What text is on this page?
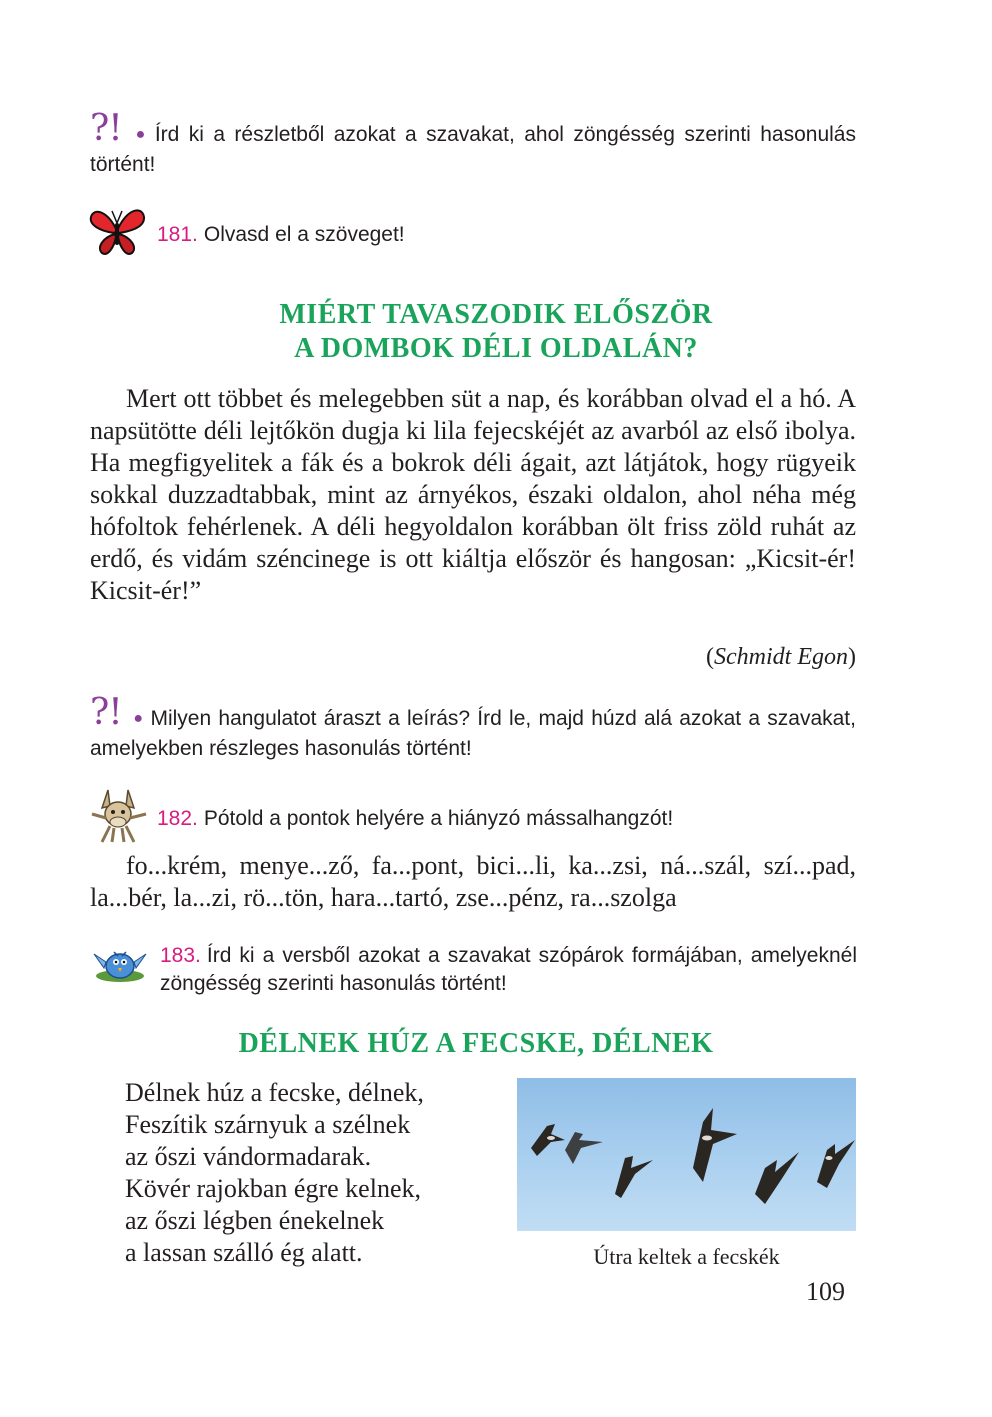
?! ● Írd ki a részletből azokat a szavakat, ahol zöngésség szerinti hasonulás történt!
181. Olvasd el a szöveget!
MIÉRT TAVASZODIK ELŐSZÖR
A DOMBOK DÉLI OLDALÁN?
Mert ott többet és melegebben süt a nap, és korábban olvad el a hó. A napsütötte déli lejtőkön dugja ki lila fejecskéjét az avarból az első ibolya. Ha megfigyelitek a fák és a bokrok déli ágait, azt látjátok, hogy rügyeik sokkal duzzadtabbak, mint az árnyékos, északi oldalon, ahol néha még hófoltok fehérlenek. A déli hegyoldalon korábban ölt friss zöld ruhát az erdő, és vidám széncinege is ott kiáltja először és hangosan: „Kicsit-ér! Kicsit-ér!”
(Schmidt Egon)
?! ● Milyen hangulatot áraszt a leírás? Írd le, majd húzd alá azokat a szavakat, amelyekben részleges hasonulás történt!
182. Pótold a pontok helyére a hiányzó mássalhangzót!
fo...krém, menye...ző, fa...pont, bici...li, ka...zsi, ná...szál, szí...pad, la...bér, la...zi, rö...tön, hara...tartó, zse...pénz, ra...szolga
183. Írd ki a versből azokat a szavakat szópárok formájában, amelyeknél zöngésség szerinti hasonulás történt!
DÉLNEK HÚZ A FECSKE, DÉLNEK
Délnek húz a fecske, délnek,
Feszítik szárnyuk a szélnek
az őszi vándormadarak.
Kövér rajokban égre kelnek,
az őszi légben énekelnek
a lassan szálló ég alatt.	Útra keltek a fecskék
109
